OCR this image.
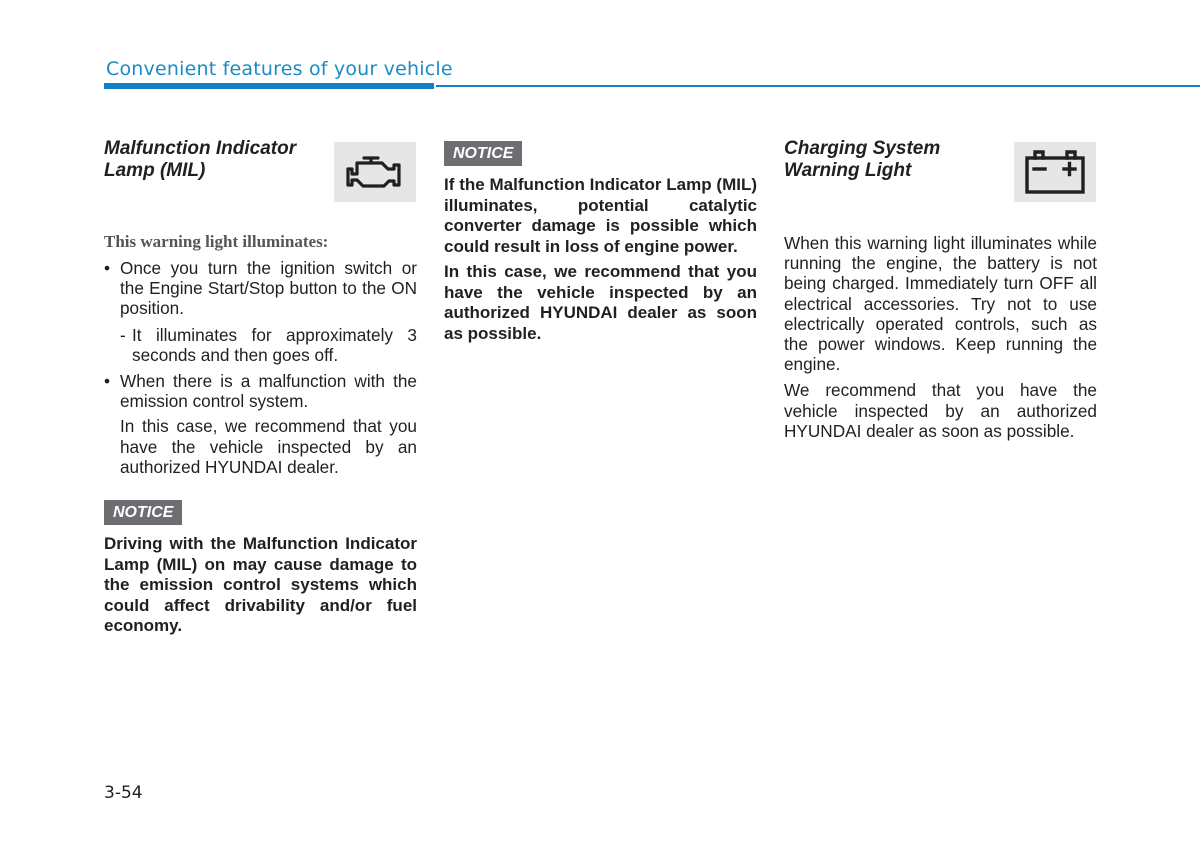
Convenient features of your vehicle

Malfunction Indicator

Lamp (MIL)

This warning light illuminates:

• Once you turn the ignition switch or the Engine Start/Stop button to the ON position.
- It illuminates for approximately 3 seconds and then goes off.
• When there is a malfunction with the emission control system.
In this case, we recommend that you have the vehicle inspected by an authorized HYUNDAI dealer.
NOTICE
Driving with the Malfunction Indicator Lamp (MIL) on may cause damage to the emission control systems which could affect drivability and/or fuel economy.
NOTICE
If the Malfunction Indicator Lamp (MIL) illuminates, potential catalytic converter damage is possible which could result in loss of engine power.
In this case, we recommend that you have the vehicle inspected by an authorized HYUNDAI dealer as soon as possible.

Charging System

Warning Light

When this warning light illuminates while running the engine, the battery is not being charged. Immediately turn OFF all electrical accessories. Try not to use electrically operated controls, such as the power windows. Keep running the engine.
We recommend that you have the vehicle inspected by an authorized HYUNDAI dealer as soon as possible.
3-54
